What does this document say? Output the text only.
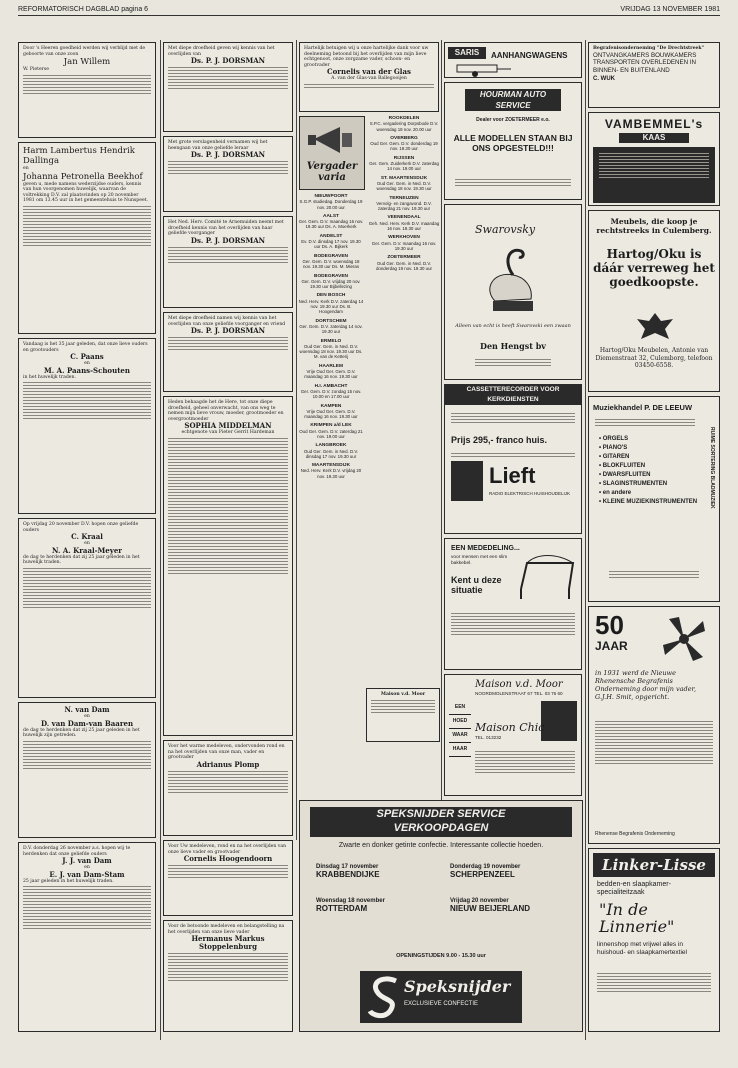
REFORMATORISCH DAGBLAD pagina 6	VRIJDAG 13 NOVEMBER 1981
Door 's Heeren goedheid werden wij verblijd met de geboorte van onze zoon
Jan Willem
W. Pieterse
Harm Lambertus Hendrik Dallinga
en
Johanna Petronella Beekhof
geven u, mede namens wederzijdse ouders, kennis van hun voorgenomen huwelijk, waarvan de voltrekking D.V. zal plaatsvinden op 20 november 1981 om 13.45 uur in het gemeentehuis te Nunspeet.
Vandaag is het 35 jaar geleden, dat onze lieve ouders en grootouders
C. Paans
en
M. A. Paans-Schouten
in het huwelijk traden.
Op vrijdag 20 november D.V. hopen onze geliefde ouders
C. Kraal
en
N. A. Kraal-Meyer
de dag te herdenken dat zij 25 jaar geleden in het huwelijk traden.
N. van Dam
en
D. van Dam-van Baaren
de dag te herdenken dat zij 25 jaar geleden in het huwelijk zijn getreden.
D.V. donderdag 26 november a.s. hopen wij te herdenken dat onze geliefde ouders
J. J. van Dam
en
E. J. van Dam-Stam
25 jaar geleden in het huwelijk traden.
Met diepe droefheid geven wij kennis van het overlijden van
Ds. P. J. DORSMAN
Met grote verslagenheid vernamen wij het heengaan van onze geliefde leraar
Ds. P. J. DORSMAN
Het Ned. Herv. Comité te Arnemuiden neemt met droefheid kennis van het overlijden van haar geliefde voorganger
Ds. P. J. DORSMAN
Met diepe droefheid namen wij kennis van het overlijden van onze geliefde voorganger en vriend
Ds. P. J. DORSMAN
Heden behaagde het de Here, tot onze diepe droefheid, geheel onverwacht, van ons weg te nemen mijn lieve vrouw, moeder, grootmoeder en overgrootmoeder
SOPHIA MIDDELMAN
echtgenote van Pieter Gerrit Hardeman
Voor het warme medeleven, ondervonden rond en na het overlijden van onze man, vader en grootvader
Adrianus Plomp
Voor Uw medeleven, rond en na het overlijden van onze lieve vader en grootvader
Cornelis Hoogendoorn
Voor de betoonde medeleven en belangstelling na het overlijden van onze lieve vader
Hermanus Markus Stoppelenburg
Hartelijk betuigen wij u onze hartelijke dank voor uw deelneming betoond bij het overlijden van mijn lieve echtgenoot, onze zorgzame vader, schoon- en grootvader
Cornelis van der Glas
A. van der Glas-van Ballegooijen
Vergader
varia
NIEUWPOORT
S.G.P. studiedag. Donderdag 19 nov. 20.00 uur
AALST
Ger. Gem. D.V. maandag 16 nov. 19.30 uur Ds. A. Moerkerk
ANDELST
Ev. D.V. dinsdag 17 nov. 19.30 uur Ds. A. Bijkerk
BODEGRAVEN
Ger. Gem. D.V. woensdag 18 nov. 19.30 uur Ds. M. Mieras
BODEGRAVEN
Ger. Gem. D.V. vrijdag 20 nov. 19.30 uur Bijbellezing
DEN BOSCH
Ned. Herv. Kerk D.V. zaterdag 14 nov. 19.30 uur Ds. B. Hoogendam
DORTSCHEM
Ger. Gem. D.V. zaterdag 14 nov. 19.30 uur
ERMELO
Oud Ger. Gem. in Ned. D.V. woensdag 18 nov. 19.30 uur Ds. M. van de Ketterij
HAARLEM
Vrije Oud Ger. Gem. D.V. maandag 16 nov. 19.30 uur
H.I. AMBACHT
Ger. Gem. D.V. zondag 15 nov. 10.00 en 17.00 uur
KAMPEN
Vrije Oud Ger. Gem. D.V. maandag 16 nov. 19.30 uur
KRIMPEN a/d LEK
Oud Ger. Gem. D.V. zaterdag 21 nov. 19.00 uur
LANGBROEK
Oud Ger. Gem. in Ned. D.V. dinsdag 17 nov. 19.30 uur
MAARTENSDIJK
Ned. Herv. Kerk D.V. vrijdag 20 nov. 19.30 uur
ROOKDELEN
S.P.C. vergadering Dorpsbode D.V. woensdag 18 nov. 20.00 uur
OVERBERG
Oud Ger. Gem. D.V. donderdag 19 nov. 19.30 uur
RIJSSEN
Ger. Gem. Zuiderkerk D.V. zaterdag 14 nov. 19.00 uur
ST. MAARTENSDIJK
Oud Ger. Gem. in Ned. D.V. woensdag 18 nov. 19.30 uur
TERNEUZEN
Vervolg- en zangavond. D.V. zaterdag 21 nov. 19.30 uur
VEENENDAAL
Geh. Ned. Herv. Kerk D.V. maandag 16 nov. 19.30 uur
WERKHOVEN
Ger. Gem. D.V. maandag 16 nov. 19.30 uur
ZOETERMEER
Oud Ger. Gem. in Ned. D.V. donderdag 19 nov. 19.30 uur
Maison v.d. Moor
SPEKSNIJDER SERVICE
VERKOOPDAGEN
Zwarte en donker getinte confectie. Interessante collectie hoeden.
Dinsdag 17 november
KRABBENDIJKE
Woensdag 18 november
ROTTERDAM
Donderdag 19 november
SCHERPENZEEL
Vrijdag 20 november
NIEUW BEIJERLAND
OPENINGSTIJDEN 9.00 - 15.30 uur
Speksnijder
EXCLUSIEVE CONFECTIE
SARIS	AANHANGWAGENS
HOURMAN AUTO SERVICE
Dealer voor ZOETERMEER e.o.
ALLE MODELLEN STAAN BIJ ONS OPGESTELD!!!
Swarovsky
Alleen van echt is heeft Swarovski een zwaan
Den Hengst bv
CASSETTERECORDER VOOR KERKDIENSTEN
Prijs 295,- franco huis.
Lieft
RADIO ELEKTRISCH HUISHOUDELIJK
EEN MEDEDELING...
voor mensen met een slim bakkebel.
Kent u deze situatie
Maison v.d. Moor
NOORDMOLENSTRAAT 67 TEL. 03 76 60
EEN
HOED
WAAR
HAAR
Maison Chic
TEL. 013232
Begrafenisonderneming "De Drechtstreek"
ONTVANGKAMERS BOUWKAMERS TRANSPORTEN OVERLEDENEN IN BINNEN- EN BUITENLAND
C. WUK
VAMBEMMEL's
KAAS
Meubels, die koop je rechtstreeks in Culemberg.
Hartog/Oku is dáár verreweg het goedkoopste.
Hartog/Oku Meubelen, Antonie van Diemenstraat 32, Culemborg, telefoon 03450-6558.
Muziekhandel P. DE LEEUW
• ORGELS
• PIANO'S
• GITAREN
• BLOKFLUITEN
• DWARSFLUITEN
• SLAGINSTRUMENTEN
• en andere
• KLEINE MUZIEKINSTRUMENTEN	RUIME SORTERING BLADMUZIEK
50
JAAR
in 1931 werd de Nieuwe Rhenensche Begrafenis Onderneming door mijn vader, G.J.H. Smit, opgericht.
Rhenense Begrafenis Onderneming
Linker-Lisse
bedden-en slaapkamer-specialiteitzaak
"In de Linnerie"
linnenshop met vrijwel alles in huishoud- en slaapkamertextiel
